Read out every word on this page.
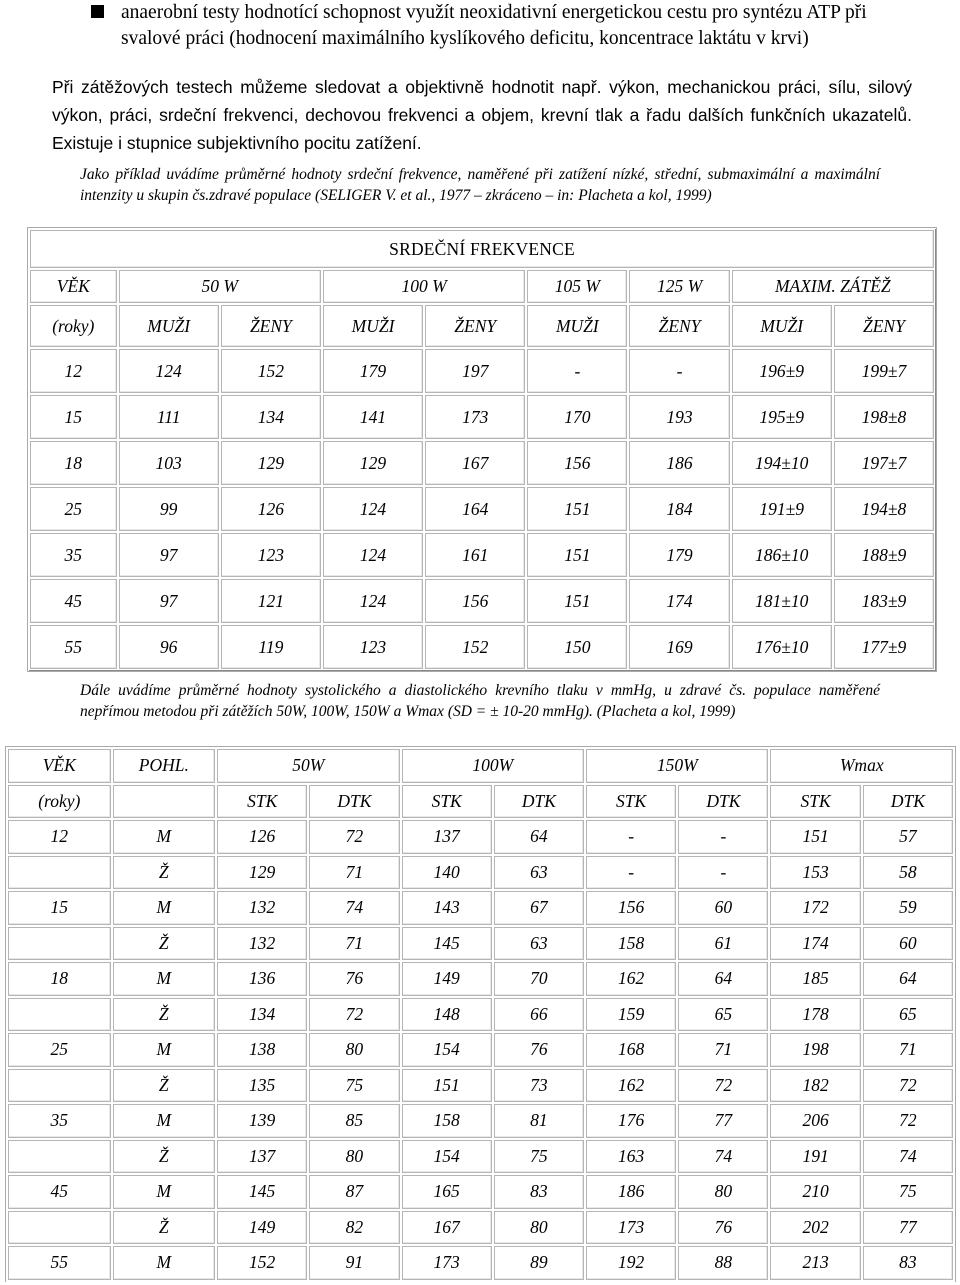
anaerobní testy hodnotící schopnost využít neoxidativní energetickou cestu pro syntézu ATP při svalové práci (hodnocení maximálního kyslíkového deficitu, koncentrace laktátu v krvi)
Při zátěžových testech můžeme sledovat a objektivně hodnotit např. výkon, mechanickou práci, sílu, silový výkon, práci, srdeční frekvenci, dechovou frekvenci a objem, krevní tlak a řadu dalších funkčních ukazatelů. Existuje i stupnice subjektivního pocitu zatížení.
Jako příklad uvádíme průměrné hodnoty srdeční frekvence, naměřené při zatížení nízké, střední, submaximální a maximální intenzity u skupin čs.zdravé populace (SELIGER V. et al., 1977 – zkráceno – in: Placheta a kol, 1999)
SRDEČNÍ FREKVENCE								
VĚK	50 W		100 W		105 W	125 W	MAXIM. ZÁTĚŽ	
(roky)	MUŽI	ŽENY	MUŽI	ŽENY	MUŽI	ŽENY	MUŽI	ŽENY
12	124	152	179	197	-	-	196±9	199±7
15	111	134	141	173	170	193	195±9	198±8
18	103	129	129	167	156	186	194±10	197±7
25	99	126	124	164	151	184	191±9	194±8
35	97	123	124	161	151	179	186±10	188±9
45	97	121	124	156	151	174	181±10	183±9
55	96	119	123	152	150	169	176±10	177±9
Dále uvádíme průměrné hodnoty systolického a diastolického krevního tlaku v mmHg, u zdravé čs. populace naměřené nepřímou metodou při zátěžích 50W, 100W, 150W a Wmax (SD = ± 10-20 mmHg). (Placheta a kol, 1999)
VĚK	POHL.	50W		100W		150W		Wmax	
(roky)		STK	DTK	STK	DTK	STK	DTK	STK	DTK
12	M	126	72	137	64	-	-	151	57
	Ž	129	71	140	63	-	-	153	58
15	M	132	74	143	67	156	60	172	59
	Ž	132	71	145	63	158	61	174	60
18	M	136	76	149	70	162	64	185	64
	Ž	134	72	148	66	159	65	178	65
25	M	138	80	154	76	168	71	198	71
	Ž	135	75	151	73	162	72	182	72
35	M	139	85	158	81	176	77	206	72
	Ž	137	80	154	75	163	74	191	74
45	M	145	87	165	83	186	80	210	75
	Ž	149	82	167	80	173	76	202	77
55	M	152	91	173	89	192	88	213	83
